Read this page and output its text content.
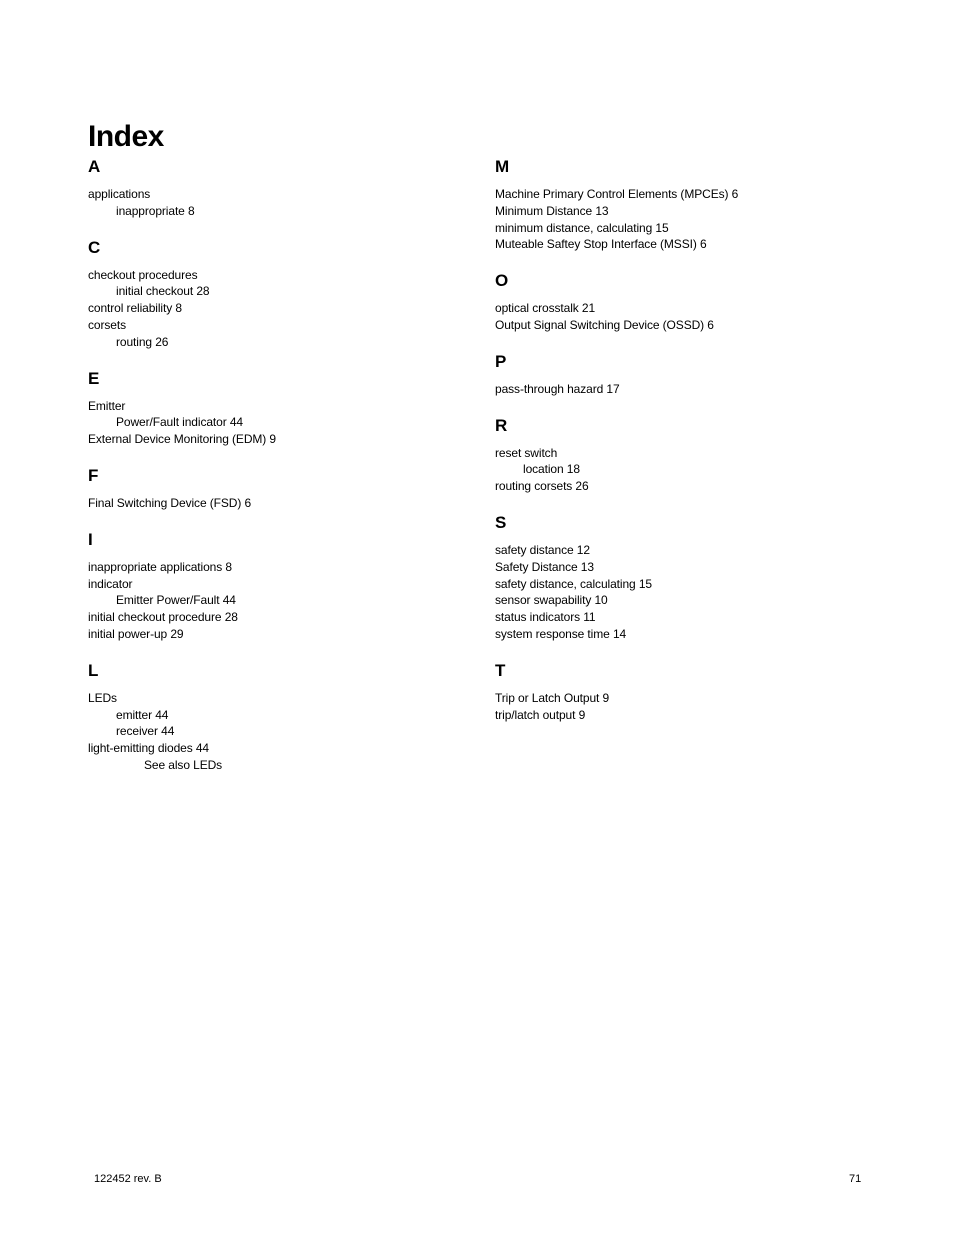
Index
A
applications
inappropriate 8
C
checkout procedures
initial checkout 28
control reliability 8
corsets
routing 26
E
Emitter
Power/Fault indicator 44
External Device Monitoring (EDM) 9
F
Final Switching Device (FSD) 6
I
inappropriate applications 8
indicator
Emitter Power/Fault 44
initial checkout procedure 28
initial power-up 29
L
LEDs
emitter 44
receiver 44
light-emitting diodes 44
See also LEDs
M
Machine Primary Control Elements (MPCEs) 6
Minimum Distance 13
minimum distance, calculating 15
Muteable Saftey Stop Interface (MSSI) 6
O
optical crosstalk 21
Output Signal Switching Device (OSSD) 6
P
pass-through hazard 17
R
reset switch
location 18
routing corsets 26
S
safety distance 12
Safety Distance 13
safety distance, calculating 15
sensor swapability 10
status indicators 11
system response time 14
T
Trip or Latch Output 9
trip/latch output 9
122452 rev. B	71
